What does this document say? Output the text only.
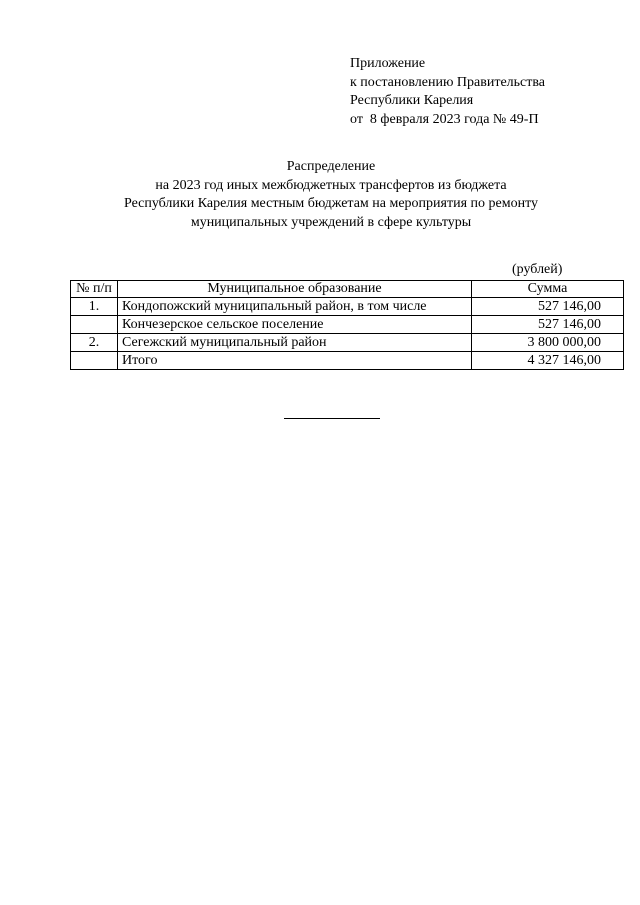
Приложение
к постановлению Правительства
Республики Карелия
от  8 февраля 2023 года № 49-П
Распределение
на 2023 год иных межбюджетных трансфертов из бюджета
Республики Карелия местным бюджетам на мероприятия по ремонту
муниципальных учреждений в сфере культуры
(рублей)
№ п/п	Муниципальное образование	Сумма
1.	Кондопожский муниципальный район, в том числе	527 146,00
	Кончезерское сельское поселение	527 146,00
2.	Сегежский муниципальный район	3 800 000,00
	Итого	4 327 146,00
